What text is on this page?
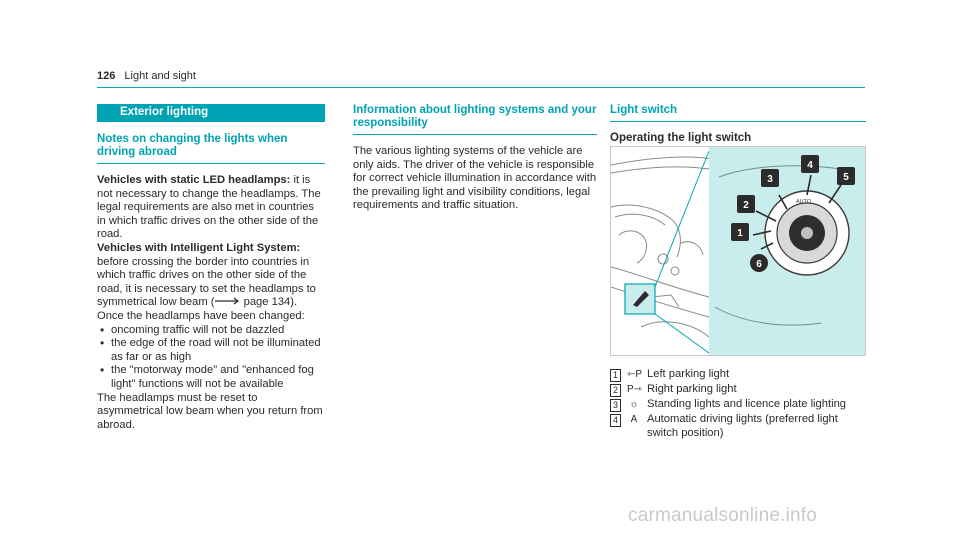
126 Light and sight
Exterior lighting
Notes on changing the lights when driving abroad

Vehicles with static LED headlamps: it is not necessary to change the headlamps. The legal requirements are also met in countries in which traffic drives on the other side of the road.

Vehicles with Intelligent Light System: before crossing the border into countries in which traffic drives on the other side of the road, it is necessary to set the headlamps to symmetrical low beam ( page 134).

Once the headlamps have been changed:

• oncoming traffic will not be dazzled
• the edge of the road will not be illuminated as far or as high
• the "motorway mode" and "enhanced fog light" functions will not be available

The headlamps must be reset to asymmetrical low beam when you return from abroad.

Information about lighting systems and your responsibility

The various lighting systems of the vehicle are only aids. The driver of the vehicle is responsible for correct vehicle illumination in accordance with the prevailing light and visibility conditions, legal requirements and traffic situation.

Light switch
Operating the light switch
AUTO
1
2
3
4
5
6
1 ⇽P Left parking light
2 P⇾ Right parking light
3	☼ Standing lights and licence plate lighting
4	A Automatic driving lights (preferred light switch position)
carmanualsonline.info
